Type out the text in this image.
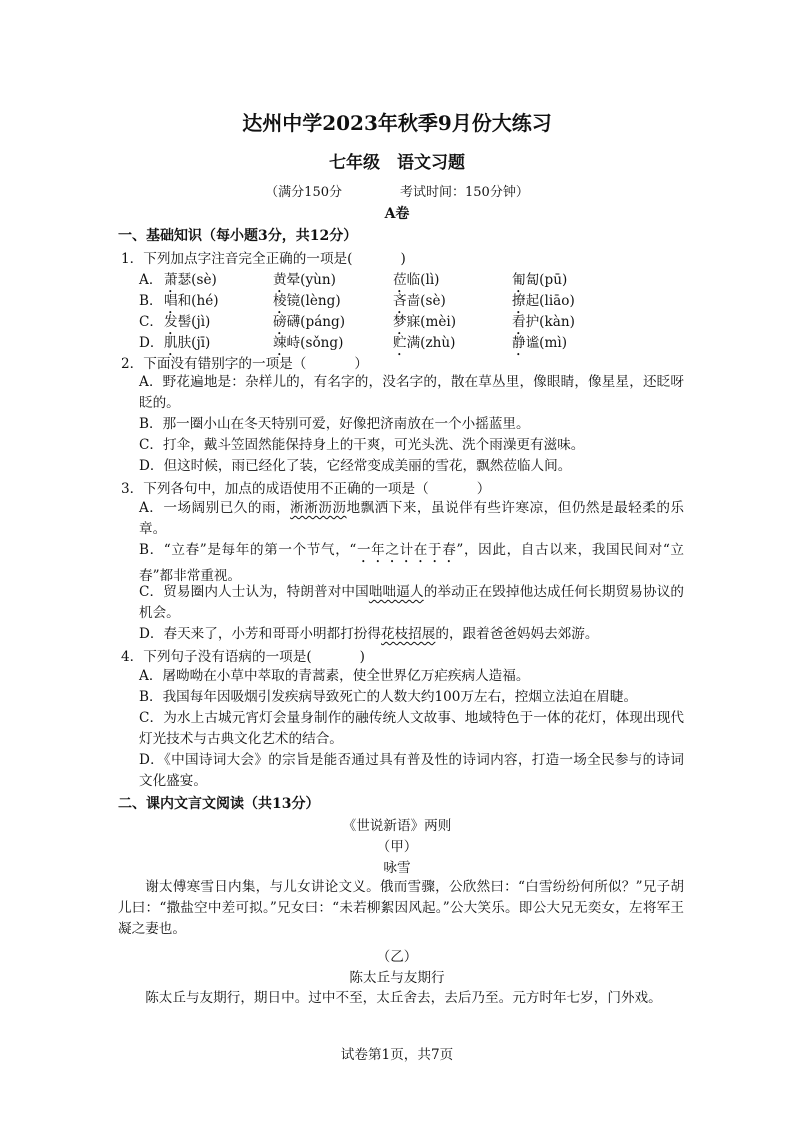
达州中学2023年秋季9月份大练习
七年级　语文习题
（满分150分	考试时间：150分钟）
A卷
一、基础知识（每小题3分，共12分）
1．下列加点字注音完全正确的一项是(	)
A． 萧瑟(sè)	黄晕(yùn)	莅临(lì)	匍匐(pū)
B． 唱和(hé)	棱镜(lèng)	吝啬(sè)	撩起(liāo)
C． 发髻(jì)	磅礴(páng)	梦寐(mèi)	看护(kàn)
D． 肌肤(jī)	竦峙(sǒng)	贮满(zhù)	静谧(mì)
2．下面没有错别字的一项是（	）
A．野花遍地是：杂样儿的，有名字的，没名字的，散在草丛里，像眼睛，像星星，还眨呀眨的。
B．那一圈小山在冬天特别可爱，好像把济南放在一个小摇蓝里。
C．打伞，戴斗笠固然能保持身上的干爽，可光头洗、洗个雨澡更有滋味。
D．但这时候，雨已经化了装，它经常变成美丽的雪花，飘然莅临人间。
3．下列各句中，加点的成语使用不正确的一项是（	）
A．一场阔别已久的雨，淅淅沥沥地飘洒下来，虽说伴有些许寒凉，但仍然是最轻柔的乐章。
B．“立春”是每年的第一个节气，“一年之计在于春”，因此，自古以来，我国民间对“立春”都非常重视。
C．贸易圈内人士认为，特朗普对中国咄咄逼人的举动正在毁掉他达成任何长期贸易协议的机会。
D．春天来了，小芳和哥哥小明都打扮得花枝招展的，跟着爸爸妈妈去郊游。
4．下列句子没有语病的一项是(	)
A．屠呦呦在小草中萃取的青蒿素，使全世界亿万疟疾病人造福。
B．我国每年因吸烟引发疾病导致死亡的人数大约100万左右，控烟立法迫在眉睫。
C．为水上古城元宵灯会量身制作的融传统人文故事、地域特色于一体的花灯，体现出现代灯光技术与古典文化艺术的结合。
D．《中国诗词大会》的宗旨是能否通过具有普及性的诗词内容，打造一场全民参与的诗词文化盛宴。
二、课内文言文阅读（共13分）
《世说新语》两则
（甲）
咏雪
谢太傅寒雪日内集，与儿女讲论文义。俄而雪骤，公欣然曰：“白雪纷纷何所似？”兄子胡儿曰：“撒盐空中差可拟。”兄女曰：“未若柳絮因风起。”公大笑乐。即公大兄无奕女，左将军王凝之妻也。
（乙）
陈太丘与友期行
陈太丘与友期行，期日中。过中不至，太丘舍去，去后乃至。元方时年七岁，门外戏。
试卷第1页，共7页
